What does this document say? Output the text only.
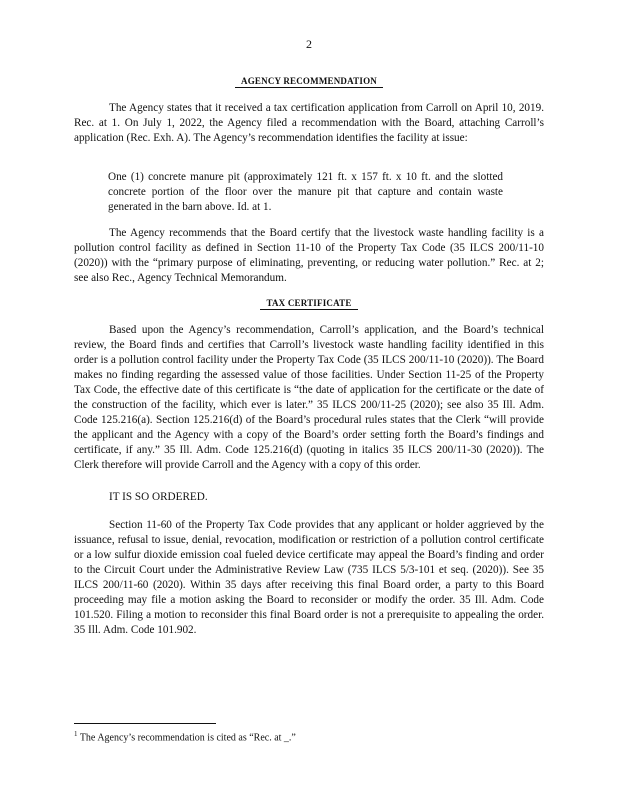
2
AGENCY RECOMMENDATION

The Agency states that it received a tax certification application from Carroll on April 10, 2019. Rec. at 1. On July 1, 2022, the Agency filed a recommendation with the Board, attaching Carroll’s application (Rec. Exh. A). The Agency’s recommendation identifies the facility at issue:

One (1) concrete manure pit (approximately 121 ft. x 157 ft. x 10 ft. and the slotted concrete portion of the floor over the manure pit that capture and contain waste generated in the barn above. Id. at 1.

The Agency recommends that the Board certify that the livestock waste handling facility is a pollution control facility as defined in Section 11-10 of the Property Tax Code (35 ILCS 200/11-10 (2020)) with the “primary purpose of eliminating, preventing, or reducing water pollution.” Rec. at 2; see also Rec., Agency Technical Memorandum.

TAX CERTIFICATE

Based upon the Agency’s recommendation, Carroll’s application, and the Board’s technical review, the Board finds and certifies that Carroll’s livestock waste handling facility identified in this order is a pollution control facility under the Property Tax Code (35 ILCS 200/11-10 (2020)). The Board makes no finding regarding the assessed value of those facilities. Under Section 11-25 of the Property Tax Code, the effective date of this certificate is “the date of application for the certificate or the date of the construction of the facility, which ever is later.” 35 ILCS 200/11-25 (2020); see also 35 Ill. Adm. Code 125.216(a). Section 125.216(d) of the Board’s procedural rules states that the Clerk “will provide the applicant and the Agency with a copy of the Board’s order setting forth the Board’s findings and certificate, if any.” 35 Ill. Adm. Code 125.216(d) (quoting in italics 35 ILCS 200/11-30 (2020)). The Clerk therefore will provide Carroll and the Agency with a copy of this order.

IT IS SO ORDERED.

Section 11-60 of the Property Tax Code provides that any applicant or holder aggrieved by the issuance, refusal to issue, denial, revocation, modification or restriction of a pollution control certificate or a low sulfur dioxide emission coal fueled device certificate may appeal the Board’s finding and order to the Circuit Court under the Administrative Review Law (735 ILCS 5/3-101 et seq. (2020)). See 35 ILCS 200/11-60 (2020). Within 35 days after receiving this final Board order, a party to this Board proceeding may file a motion asking the Board to reconsider or modify the order. 35 Ill. Adm. Code 101.520. Filing a motion to reconsider this final Board order is not a prerequisite to appealing the order. 35 Ill. Adm. Code 101.902.

$^1$ The Agency’s recommendation is cited as “Rec. at _.”
